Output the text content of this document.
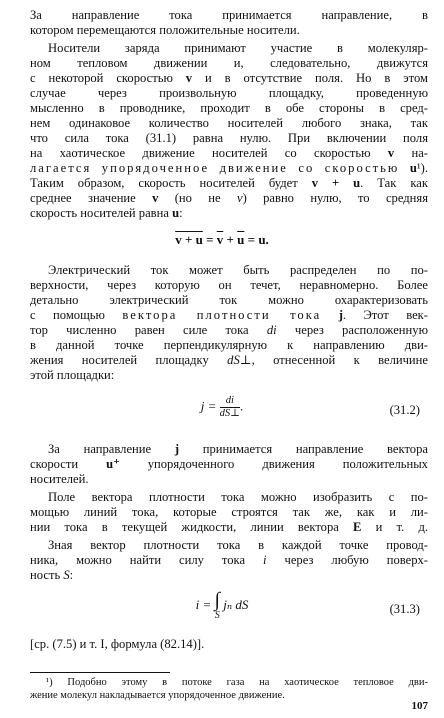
За направление тока принимается направление, в
котором перемещаются положительные носители.
Носители заряда принимают участие в молекуляр-
ном тепловом движении и, следовательно, движутся
с некоторой скоростью v и в отсутствие поля. Но в этом
случае через произвольную площадку, проведенную
мысленно в проводнике, проходит в обе стороны в сред-
нем одинаковое количество носителей любого знака, так
что сила тока (31.1) равна нулю. При включении поля
на хаотическое движение носителей со скоростью v на-
лагается упорядоченное движение со скоростью u¹).
Таким образом, скорость носителей будет v + u. Так как
среднее значение v (но не v) равно нулю, то средняя
скорость носителей равна u:
$v + u = \overline{v} + \overline{u} = u$.
Электрический ток может быть распределен по по-
верхности, через которую он течет, неравномерно. Более
детально электрический ток можно охарактеризовать
с помощью вектора плотности тока j. Этот век-
тор численно равен силе тока di через расположенную
в данной точке перпендикулярную к направлению дви-
жения носителей площадку dS⊥, отнесенной к величине
этой площадки:
$j = \frac{di}{dS\perp}$ .	(31.2)
За направление j принимается направление вектора
скорости u⁺ упорядоченного движения положительных
носителей.
Поле вектора плотности тока можно изобразить с по-
мощью линий тока, которые строятся так же, как и ли-
нии тока в текущей жидкости, линии вектора E и т. д.
Зная вектор плотности тока в каждой точке провод-
ника, можно найти силу тока i через любую поверх-
ность S:
i = ∫
S
jₙ dS	(31.3)
[ср. (7.5) и т. I, формула (82.14)].
¹) Подобно этому в потоке газа на хаотическое тепловое дви-
жение молекул накладывается упорядоченное движение.
107
